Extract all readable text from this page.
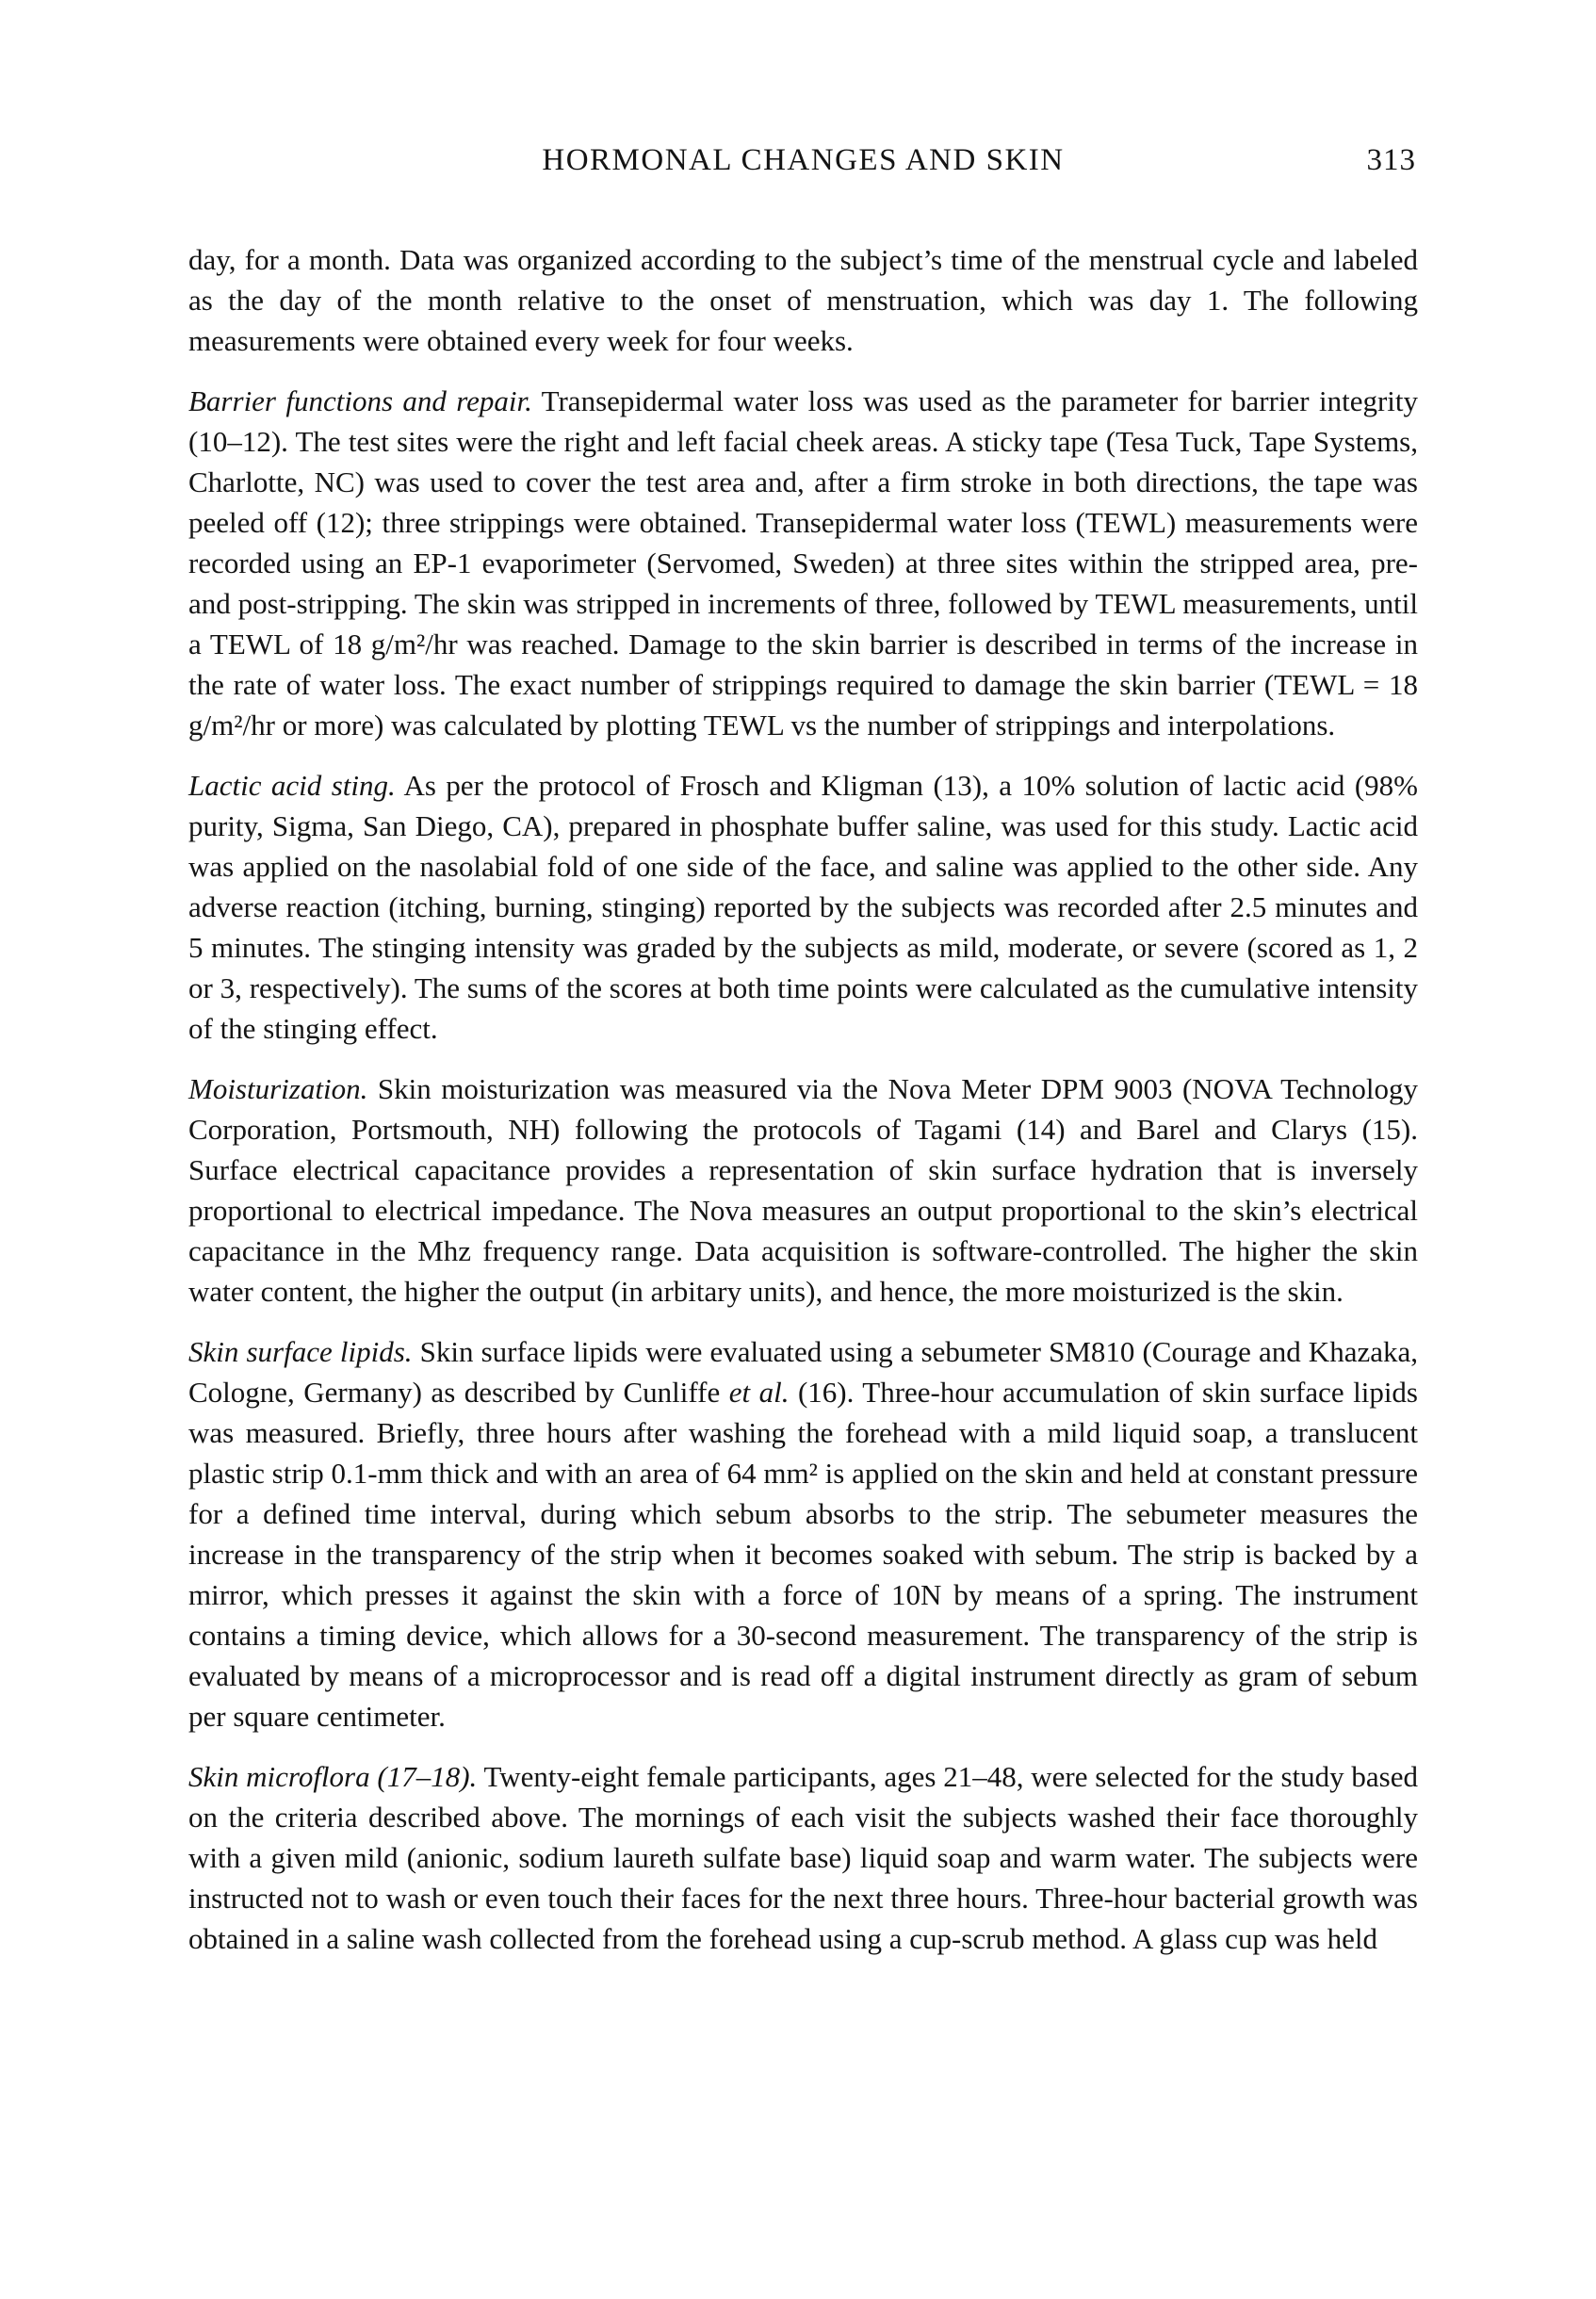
HORMONAL CHANGES AND SKIN	313

day, for a month. Data was organized according to the subject’s time of the menstrual cycle and labeled as the day of the month relative to the onset of menstruation, which was day 1. The following measurements were obtained every week for four weeks.

Barrier functions and repair. Transepidermal water loss was used as the parameter for barrier integrity (10–12). The test sites were the right and left facial cheek areas. A sticky tape (Tesa Tuck, Tape Systems, Charlotte, NC) was used to cover the test area and, after a firm stroke in both directions, the tape was peeled off (12); three strippings were obtained. Transepidermal water loss (TEWL) measurements were recorded using an EP-1 evaporimeter (Servomed, Sweden) at three sites within the stripped area, pre- and post-stripping. The skin was stripped in increments of three, followed by TEWL measurements, until a TEWL of 18 g/m²/hr was reached. Damage to the skin barrier is described in terms of the increase in the rate of water loss. The exact number of strippings required to damage the skin barrier (TEWL = 18 g/m²/hr or more) was calculated by plotting TEWL vs the number of strippings and interpolations.

Lactic acid sting. As per the protocol of Frosch and Kligman (13), a 10% solution of lactic acid (98% purity, Sigma, San Diego, CA), prepared in phosphate buffer saline, was used for this study. Lactic acid was applied on the nasolabial fold of one side of the face, and saline was applied to the other side. Any adverse reaction (itching, burning, stinging) reported by the subjects was recorded after 2.5 minutes and 5 minutes. The stinging intensity was graded by the subjects as mild, moderate, or severe (scored as 1, 2 or 3, respectively). The sums of the scores at both time points were calculated as the cumulative intensity of the stinging effect.

Moisturization. Skin moisturization was measured via the Nova Meter DPM 9003 (NOVA Technology Corporation, Portsmouth, NH) following the protocols of Tagami (14) and Barel and Clarys (15). Surface electrical capacitance provides a representation of skin surface hydration that is inversely proportional to electrical impedance. The Nova measures an output proportional to the skin’s electrical capacitance in the Mhz frequency range. Data acquisition is software-controlled. The higher the skin water content, the higher the output (in arbitary units), and hence, the more moisturized is the skin.

Skin surface lipids. Skin surface lipids were evaluated using a sebumeter SM810 (Courage and Khazaka, Cologne, Germany) as described by Cunliffe et al. (16). Three-hour accumulation of skin surface lipids was measured. Briefly, three hours after washing the forehead with a mild liquid soap, a translucent plastic strip 0.1-mm thick and with an area of 64 mm² is applied on the skin and held at constant pressure for a defined time interval, during which sebum absorbs to the strip. The sebumeter measures the increase in the transparency of the strip when it becomes soaked with sebum. The strip is backed by a mirror, which presses it against the skin with a force of 10N by means of a spring. The instrument contains a timing device, which allows for a 30-second measurement. The transparency of the strip is evaluated by means of a microprocessor and is read off a digital instrument directly as gram of sebum per square centimeter.

Skin microflora (17–18). Twenty-eight female participants, ages 21–48, were selected for the study based on the criteria described above. The mornings of each visit the subjects washed their face thoroughly with a given mild (anionic, sodium laureth sulfate base) liquid soap and warm water. The subjects were instructed not to wash or even touch their faces for the next three hours. Three-hour bacterial growth was obtained in a saline wash collected from the forehead using a cup-scrub method. A glass cup was held
